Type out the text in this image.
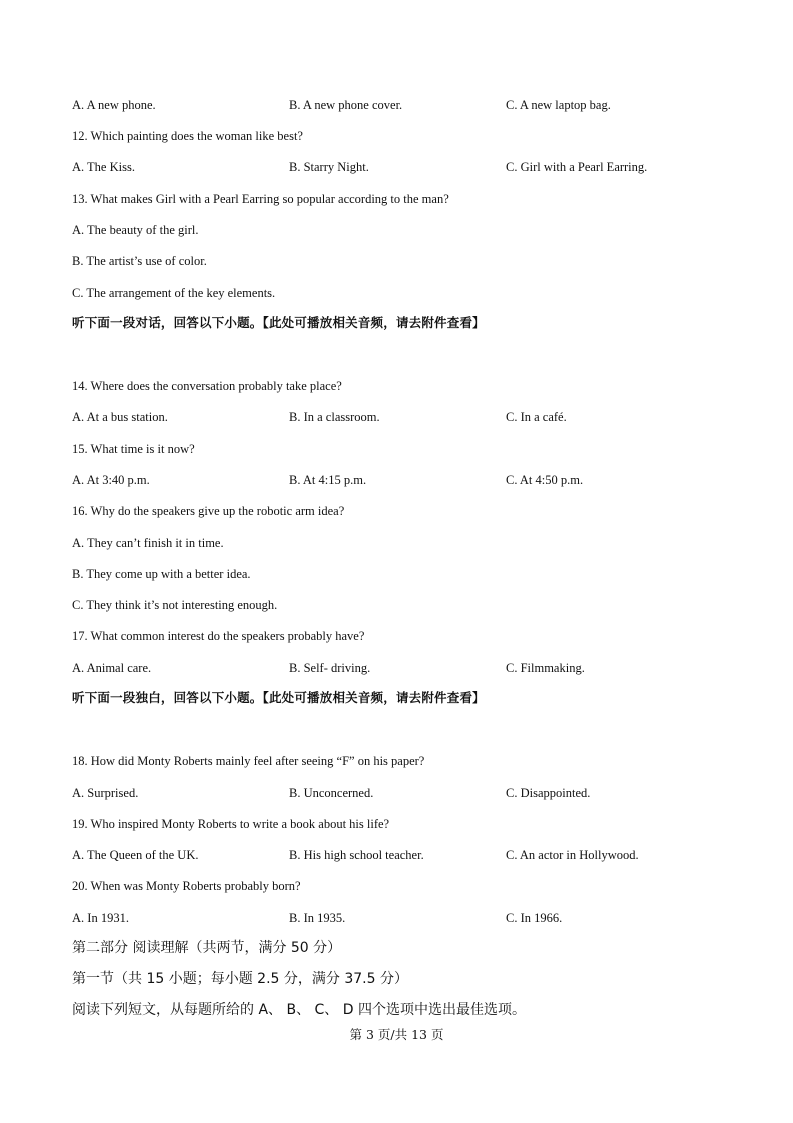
A. A new phone.	B. A new phone cover.	C. A new laptop bag.
12. Which painting does the woman like best?
A. The Kiss.	B. Starry Night.	C. Girl with a Pearl Earring.
13. What makes Girl with a Pearl Earring so popular according to the man?
A. The beauty of the girl.
B. The artist’s use of color.
C. The arrangement of the key elements.
听下面一段对话，回答以下小题。【此处可播放相关音频，请去附件查看】
14. Where does the conversation probably take place?
A. At a bus station.	B. In a classroom.	C. In a café.
15. What time is it now?
A. At 3:40 p.m.	B. At 4:15 p.m.	C. At 4:50 p.m.
16. Why do the speakers give up the robotic arm idea?
A. They can’t finish it in time.
B. They come up with a better idea.
C. They think it’s not interesting enough.
17. What common interest do the speakers probably have?
A. Animal care.	B. Self- driving.	C. Filmmaking.
听下面一段独白，回答以下小题。【此处可播放相关音频，请去附件查看】
18. How did Monty Roberts mainly feel after seeing “F” on his paper?
A. Surprised.	B. Unconcerned.	C. Disappointed.
19. Who inspired Monty Roberts to write a book about his life?
A. The Queen of the UK.	B. His high school teacher.	C. An actor in Hollywood.
20. When was Monty Roberts probably born?
A. In 1931.	B. In 1935.	C. In 1966.
第二部分 阅读理解（共两节，满分 50 分）
第一节（共 15 小题；每小题 2.5 分，满分 37.5 分）
阅读下列短文，从每题所给的 A、 B、 C、 D 四个选项中选出最佳选项。
第 3 页/共 13 页
